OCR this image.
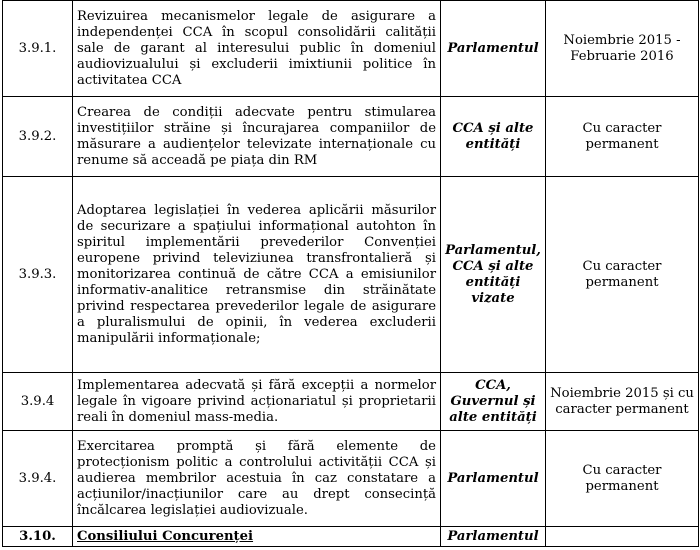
3.9.1.	Revizuirea mecanismelor legale de asigurare a independenței CCA în scopul consolidării calității sale de garant al interesului public în domeniul audiovizualului și excluderii imixtiunii politice în activitatea CCA	Parlamentul	Noiembrie 2015 - Februarie 2016
3.9.2.	Crearea de condiții adecvate pentru stimularea investițiilor străine și încurajarea companiilor de măsurare a audiențelor televizate internaționale cu renume să acceadă pe piața din RM	CCA și alte entități	Cu caracter permanent
3.9.3.	Adoptarea legislației în vederea aplicării măsurilor de securizare a spațiului informațional autohton în spiritul implementării prevederilor Convenției europene privind televiziunea transfrontalieră și monitorizarea continuă de către CCA a emisiunilor informativ-analitice retransmise din străinătate privind respectarea prevederilor legale de asigurare a pluralismului de opinii, în vederea excluderii manipulării informaționale;	Parlamentul, CCA și alte entități vizate	Cu caracter permanent
3.9.4	Implementarea adecvată și fără excepții a normelor legale în vigoare privind acționariatul și proprietarii reali în domeniul mass-media.	CCA, Guvernul și alte entități	Noiembrie 2015 și cu caracter permanent
3.9.4.	Exercitarea promptă și fără elemente de protecționism politic a controlului activității CCA și audierea membrilor acestuia în caz constatare a acțiunilor/inacțiunilor care au drept consecință încălcarea legislației audiovizuale.	Parlamentul	Cu caracter permanent
3.10.	Consiliului Concurenței	Parlamentul	
